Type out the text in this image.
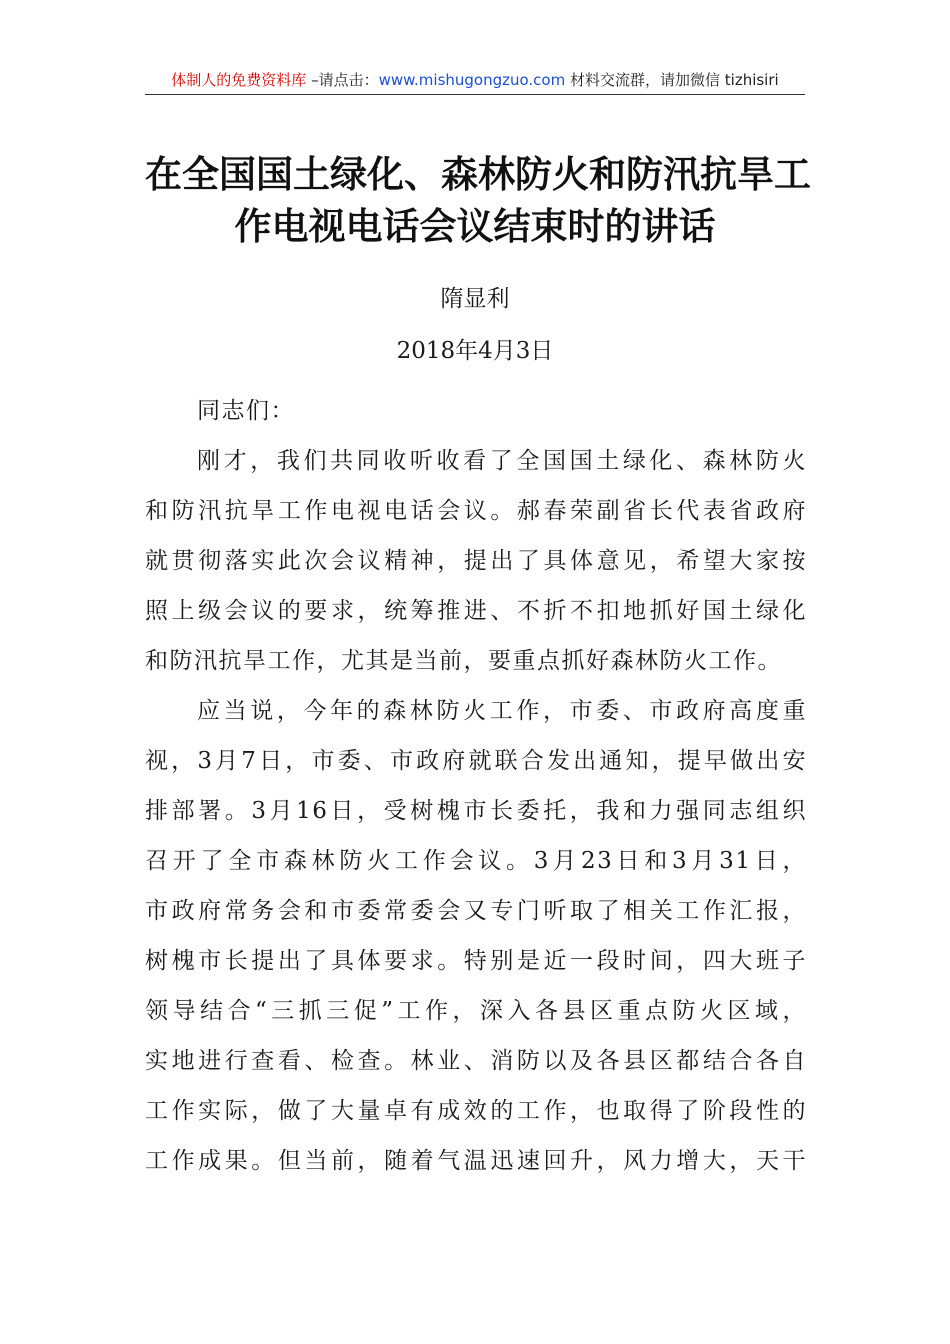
体制人的免费资料库 –请点击：www.mishugongzuo.com 材料交流群，请加微信 tizhisiri
在全国国土绿化、森林防火和防汛抗旱工
作电视电话会议结束时的讲话
隋显利
2018年4月3日
同志们：
刚才，我们共同收听收看了全国国土绿化、森林防火
和防汛抗旱工作电视电话会议。郝春荣副省长代表省政府
就贯彻落实此次会议精神，提出了具体意见，希望大家按
照上级会议的要求，统筹推进、不折不扣地抓好国土绿化
和防汛抗旱工作，尤其是当前，要重点抓好森林防火工作。
应当说，今年的森林防火工作，市委、市政府高度重
视，3月7日，市委、市政府就联合发出通知，提早做出安
排部署。3月16日，受树槐市长委托，我和力强同志组织
召开了全市森林防火工作会议。3月23日和3月31日，
市政府常务会和市委常委会又专门听取了相关工作汇报，
树槐市长提出了具体要求。特别是近一段时间，四大班子
领导结合“三抓三促”工作，深入各县区重点防火区域，
实地进行查看、检查。林业、消防以及各县区都结合各自
工作实际，做了大量卓有成效的工作，也取得了阶段性的
工作成果。但当前，随着气温迅速回升，风力增大，天干
